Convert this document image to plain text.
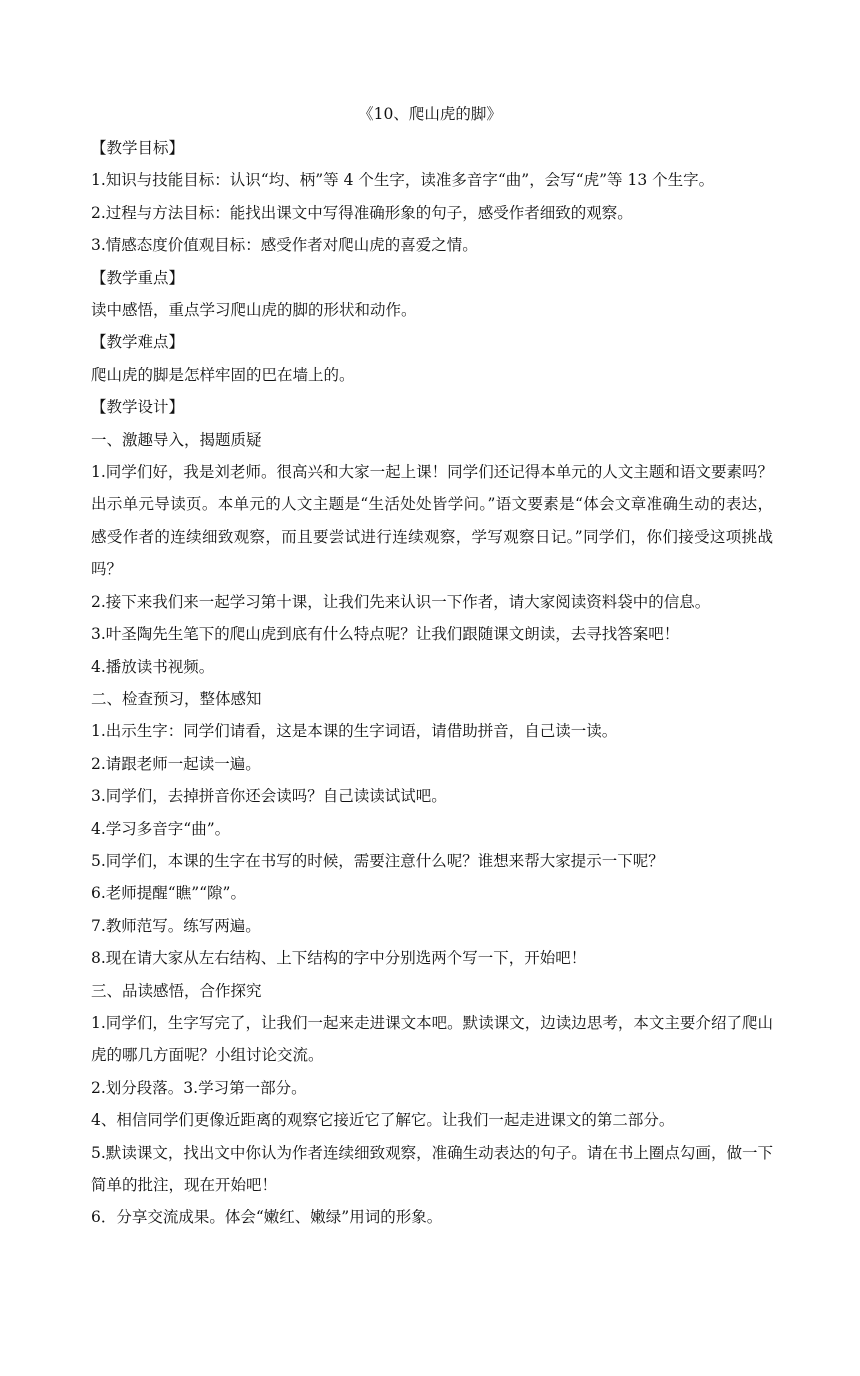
《10、爬山虎的脚》

【教学目标】

1.知识与技能目标：认识“均、柄”等 4 个生字，读准多音字“曲”，会写“虎”等 13 个生字。

2.过程与方法目标：能找出课文中写得准确形象的句子，感受作者细致的观察。

3.情感态度价值观目标：感受作者对爬山虎的喜爱之情。

【教学重点】

读中感悟，重点学习爬山虎的脚的形状和动作。

【教学难点】

爬山虎的脚是怎样牢固的巴在墙上的。

【教学设计】

一、激趣导入，揭题质疑

1.同学们好，我是刘老师。很高兴和大家一起上课！同学们还记得本单元的人文主题和语文要素吗？出示单元导读页。本单元的人文主题是“生活处处皆学问。”语文要素是“体会文章准确生动的表达，感受作者的连续细致观察，而且要尝试进行连续观察，学写观察日记。”同学们，你们接受这项挑战吗？

2.接下来我们来一起学习第十课，让我们先来认识一下作者，请大家阅读资料袋中的信息。

3.叶圣陶先生笔下的爬山虎到底有什么特点呢？让我们跟随课文朗读，去寻找答案吧！

4.播放读书视频。

二、检查预习，整体感知

1.出示生字：同学们请看，这是本课的生字词语，请借助拼音，自己读一读。

2.请跟老师一起读一遍。

3.同学们，去掉拼音你还会读吗？自己读读试试吧。

4.学习多音字“曲”。

5.同学们，本课的生字在书写的时候，需要注意什么呢？谁想来帮大家提示一下呢？

6.老师提醒“瞧”“隙”。

7.教师范写。练写两遍。

8.现在请大家从左右结构、上下结构的字中分别选两个写一下，开始吧！

三、品读感悟，合作探究

1.同学们，生字写完了，让我们一起来走进课文本吧。默读课文，边读边思考，本文主要介绍了爬山虎的哪几方面呢？小组讨论交流。

2.划分段落。3.学习第一部分。

4、相信同学们更像近距离的观察它接近它了解它。让我们一起走进课文的第二部分。

5.默读课文，找出文中你认为作者连续细致观察，准确生动表达的句子。请在书上圈点勾画，做一下简单的批注，现在开始吧！

6．分享交流成果。体会“嫩红、嫩绿”用词的形象。
